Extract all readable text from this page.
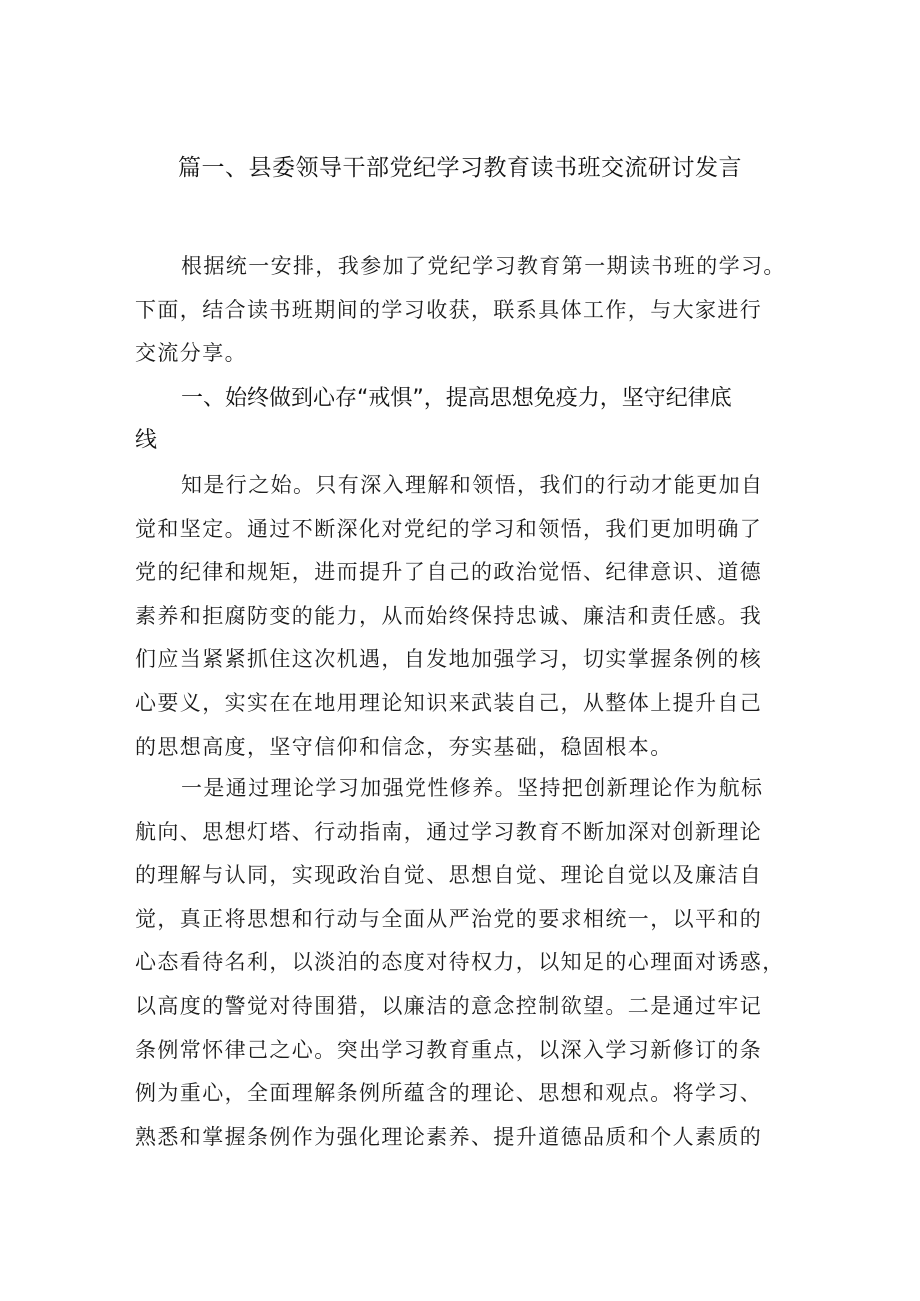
篇一、县委领导干部党纪学习教育读书班交流研讨发言
根据统一安排，我参加了党纪学习教育第一期读书班的学习。
下面，结合读书班期间的学习收获，联系具体工作，与大家进行
交流分享。
一、始终做到心存“戒惧”，提高思想免疫力，坚守纪律底
线
知是行之始。只有深入理解和领悟，我们的行动才能更加自
觉和坚定。通过不断深化对党纪的学习和领悟，我们更加明确了
党的纪律和规矩，进而提升了自己的政治觉悟、纪律意识、道德
素养和拒腐防变的能力，从而始终保持忠诚、廉洁和责任感。我
们应当紧紧抓住这次机遇，自发地加强学习，切实掌握条例的核
心要义，实实在在地用理论知识来武装自己，从整体上提升自己
的思想高度，坚守信仰和信念，夯实基础，稳固根本。
一是通过理论学习加强党性修养。坚持把创新理论作为航标
航向、思想灯塔、行动指南，通过学习教育不断加深对创新理论
的理解与认同，实现政治自觉、思想自觉、理论自觉以及廉洁自
觉，真正将思想和行动与全面从严治党的要求相统一，以平和的
心态看待名利，以淡泊的态度对待权力，以知足的心理面对诱惑，
以高度的警觉对待围猎，以廉洁的意念控制欲望。二是通过牢记
条例常怀律己之心。突出学习教育重点，以深入学习新修订的条
例为重心，全面理解条例所蕴含的理论、思想和观点。将学习、
熟悉和掌握条例作为强化理论素养、提升道德品质和个人素质的
